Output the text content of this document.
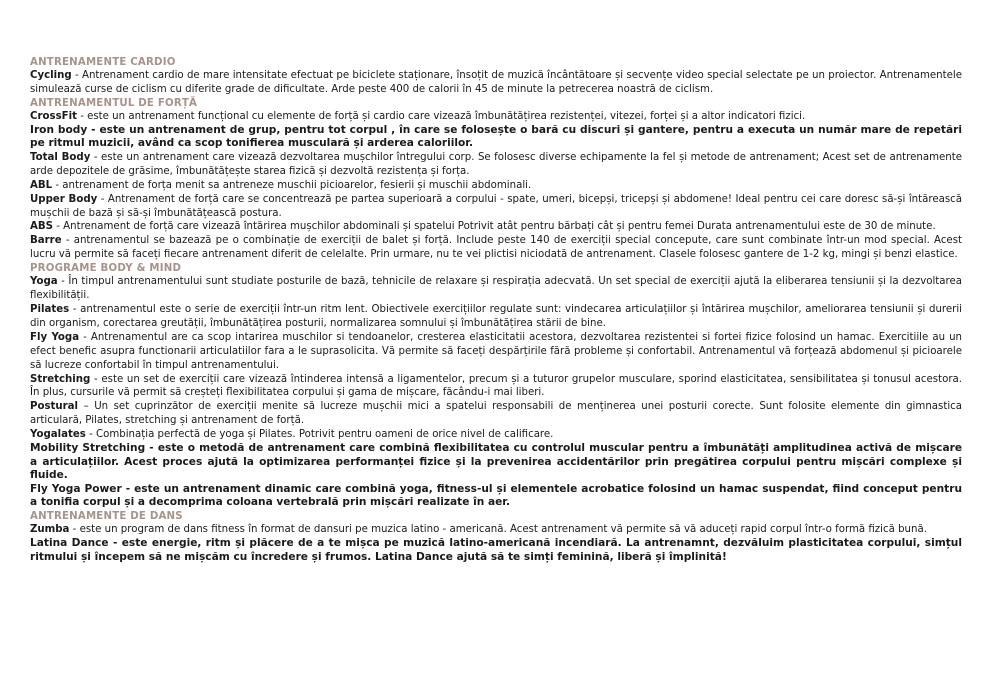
ANTRENAMENTE CARDIO

Cycling - Antrenament cardio de mare intensitate efectuat pe biciclete staționare, însoțit de muzică încântătoare și secvențe video special selectate pe un proiector. Antrenamentele simulează curse de ciclism cu diferite grade de dificultate. Arde peste 400 de calorii în 45 de minute la petrecerea noastră de ciclism.

ANTRENAMENTUL DE FORȚĂ

CrossFit - este un antrenament funcțional cu elemente de forță și cardio care vizează îmbunătățirea rezistenței, vitezei, forței și a altor indicatori fizici.

Iron body - este un antrenament de grup, pentru tot corpul , în care se folosește o bară cu discuri și gantere, pentru a executa un număr mare de repetări pe ritmul muzicii, având ca scop tonifierea musculară și arderea caloriilor.

Total Body - este un antrenament care vizează dezvoltarea mușchilor întregului corp. Se folosesc diverse echipamente la fel și metode de antrenament; Acest set de antrenamente arde depozitele de grăsime, îmbunătățește starea fizică și dezvoltă rezistența și forța.

ABL - antrenament de forța menit sa antreneze muschii picioarelor, fesierii și muschii abdominali.

Upper Body - Antrenament de forță care se concentrează pe partea superioară a corpului - spate, umeri, bicepși, tricepși și abdomene! Ideal pentru cei care doresc să-și întărească mușchii de bază și să-și îmbunătățească postura.

ABS - Antrenament de forță care vizează întărirea mușchilor abdominali și spatelui Potrivit atât pentru bărbați cât și pentru femei Durata antrenamentului este de 30 de minute.

Barre - antrenamentul se bazează pe o combinație de exerciții de balet și forță. Include peste 140 de exerciții special concepute, care sunt combinate într-un mod special. Acest lucru vă permite să faceți fiecare antrenament diferit de celelalte. Prin urmare, nu te vei plictisi niciodată de antrenament. Clasele folosesc gantere de 1-2 kg, mingi și benzi elastice.

PROGRAME BODY & MIND

Yoga - În timpul antrenamentului sunt studiate posturile de bază, tehnicile de relaxare și respirația adecvată. Un set special de exerciții ajută la eliberarea tensiunii și la dezvoltarea flexibilității.

Pilates - antrenamentul este o serie de exerciții într-un ritm lent. Obiectivele exercițiilor regulate sunt: vindecarea articulațiilor și întărirea mușchilor, ameliorarea tensiunii și durerii din organism, corectarea greutății, îmbunătățirea posturii, normalizarea somnului și îmbunătățirea stării de bine.

Fly Yoga - Antrenamentul are ca scop intarirea muschilor si tendoanelor, cresterea elasticitatii acestora, dezvoltarea rezistentei si fortei fizice folosind un hamac. Exercitiile au un efect benefic asupra functionarii articulatiilor fara a le suprasolicita. Vă permite să faceți despărțirile fără probleme și confortabil. Antrenamentul vă forțează abdomenul și picioarele să lucreze confortabil în timpul antrenamentului.

Stretching - este un set de exerciții care vizează întinderea intensă a ligamentelor, precum și a tuturor grupelor musculare, sporind elasticitatea, sensibilitatea și tonusul acestora. În plus, cursurile vă permit să creșteți flexibilitatea corpului și gama de mișcare, făcându-i mai liberi.

Postural – Un set cuprinzător de exerciții menite să lucreze mușchii mici a spatelui responsabili de menținerea unei posturii corecte. Sunt folosite elemente din gimnastica articulară, Pilates, stretching și antrenament de forță.

Yogalates - Combinația perfectă de yoga și Pilates. Potrivit pentru oameni de orice nivel de calificare.

Mobility Stretching - este o metodă de antrenament care combină flexibilitatea cu controlul muscular pentru a îmbunătăți amplitudinea activă de mișcare a articulațiilor. Acest proces ajută la optimizarea performanței fizice și la prevenirea accidentărilor prin pregătirea corpului pentru mișcări complexe și fluide.

Fly Yoga Power - este un antrenament dinamic care combină yoga, fitness-ul și elementele acrobatice folosind un hamac suspendat, fiind conceput pentru a tonifia corpul și a decomprima coloana vertebrală prin mișcări realizate în aer.

ANTRENAMENTE DE DANS

Zumba - este un program de dans fitness în format de dansuri pe muzica latino - americană. Acest antrenament vă permite să vă aduceți rapid corpul într-o formă fizică bună.

Latina Dance - este energie, ritm și plăcere de a te mișca pe muzică latino-americană incendiară. La antrenamnt, dezvăluim plasticitatea corpului, simțul ritmului și începem să ne mișcăm cu încredere și frumos. Latina Dance ajută să te simți feminină, liberă și împlinită!
